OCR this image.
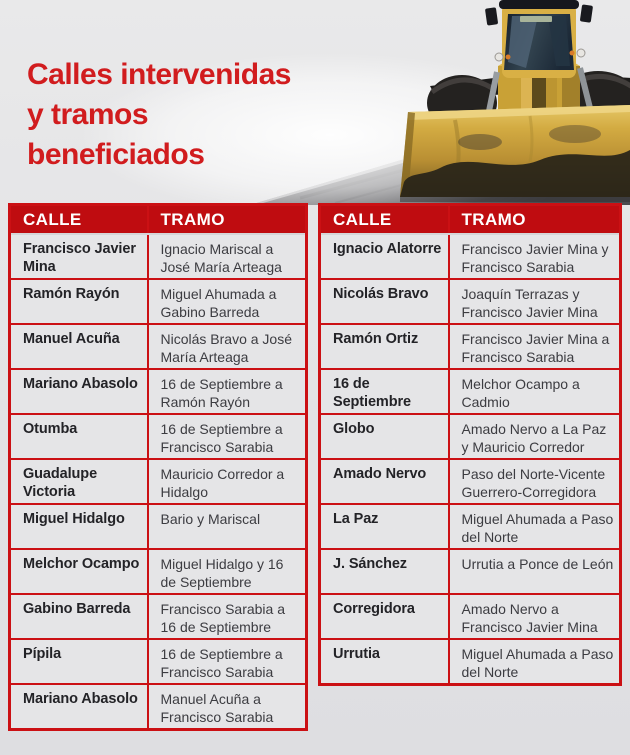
Calles intervenidas
y tramos
beneficiados
CALLE	TRAMO
Francisco Javier Mina	Ignacio Mariscal a José María Arteaga
Ramón Rayón	Miguel Ahumada a Gabino Barreda
Manuel Acuña	Nicolás Bravo a José María Arteaga
Mariano Abasolo	16 de Septiembre a Ramón Rayón
Otumba	16 de Septiembre a Francisco Sarabia
Guadalupe Victoria	Mauricio Corredor a Hidalgo
Miguel Hidalgo	Bario y Mariscal
Melchor Ocampo	Miguel Hidalgo y 16 de Septiembre
Gabino Barreda	Francisco Sarabia a 16 de Septiembre
Pípila	16 de Septiembre a Francisco Sarabia
Mariano Abasolo	Manuel Acuña a Francisco Sarabia
CALLE	TRAMO
Ignacio Alatorre	Francisco Javier Mina y Francisco Sarabia
Nicolás Bravo	Joaquín Terrazas y Francisco Javier Mina
Ramón Ortiz	Francisco Javier Mina a Francisco Sarabia
16 de Septiembre	Melchor Ocampo a Cadmio
Globo	Amado Nervo a La Paz y Mauricio Corredor
Amado Nervo	Paso del Norte-Vicente Guerrero-Corregidora
La Paz	Miguel Ahumada a Paso del Norte
J. Sánchez	Urrutia a Ponce de León
Corregidora	Amado Nervo a Francisco Javier Mina
Urrutia	Miguel Ahumada a Paso del Norte
